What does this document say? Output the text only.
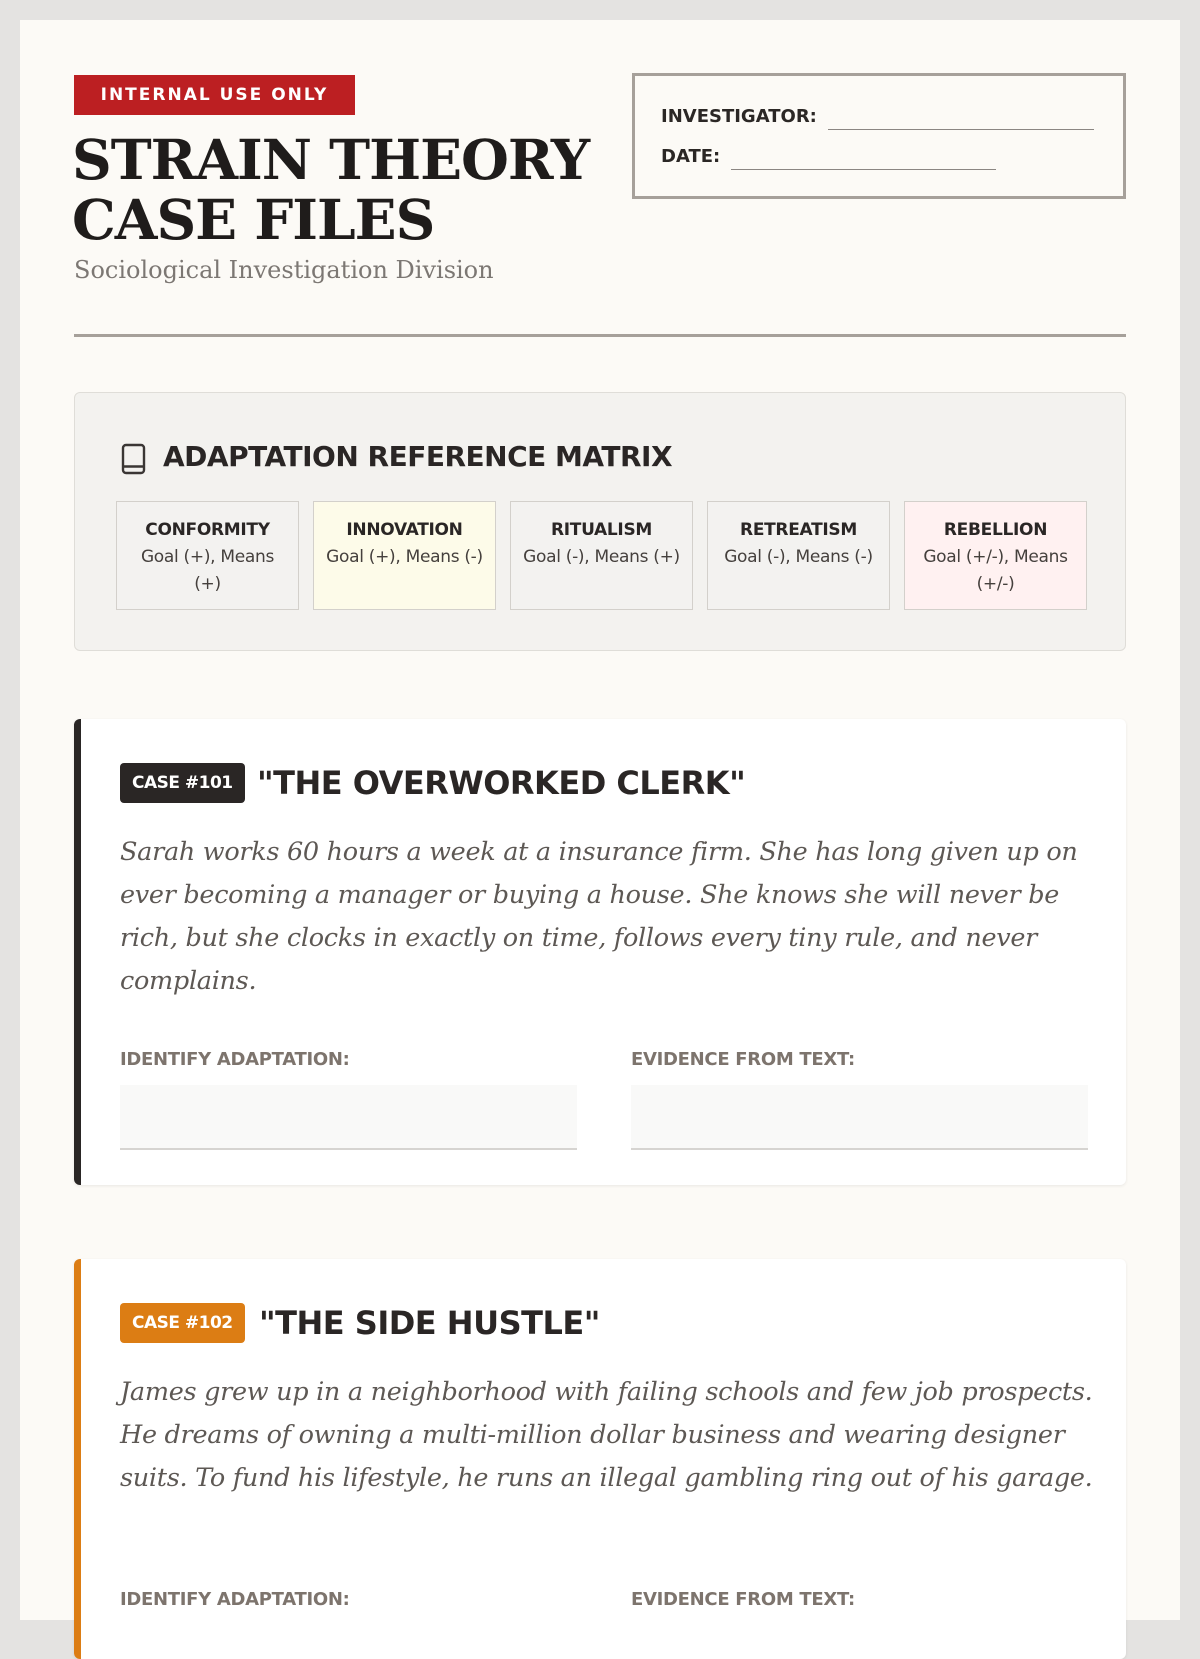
INTERNAL USE ONLY
STRAIN THEORY
CASE FILES
Sociological Investigation Division
INVESTIGATOR:
DATE:
ADAPTATION REFERENCE MATRIX
CONFORMITY
Goal (+), Means (+)
INNOVATION
Goal (+), Means (-)
RITUALISM
Goal (-), Means (+)
RETREATISM
Goal (-), Means (-)
REBELLION
Goal (+/-), Means (+/-)
CASE #101 "THE OVERWORKED CLERK"
Sarah works 60 hours a week at a insurance firm. She has long given up on ever becoming a manager or buying a house. She knows she will never be rich, but she clocks in exactly on time, follows every tiny rule, and never complains.
IDENTIFY ADAPTATION:	EVIDENCE FROM TEXT:
CASE #102 "THE SIDE HUSTLE"
James grew up in a neighborhood with failing schools and few job prospects. He dreams of owning a multi-million dollar business and wearing designer suits. To fund his lifestyle, he runs an illegal gambling ring out of his garage.
IDENTIFY ADAPTATION:	EVIDENCE FROM TEXT:
